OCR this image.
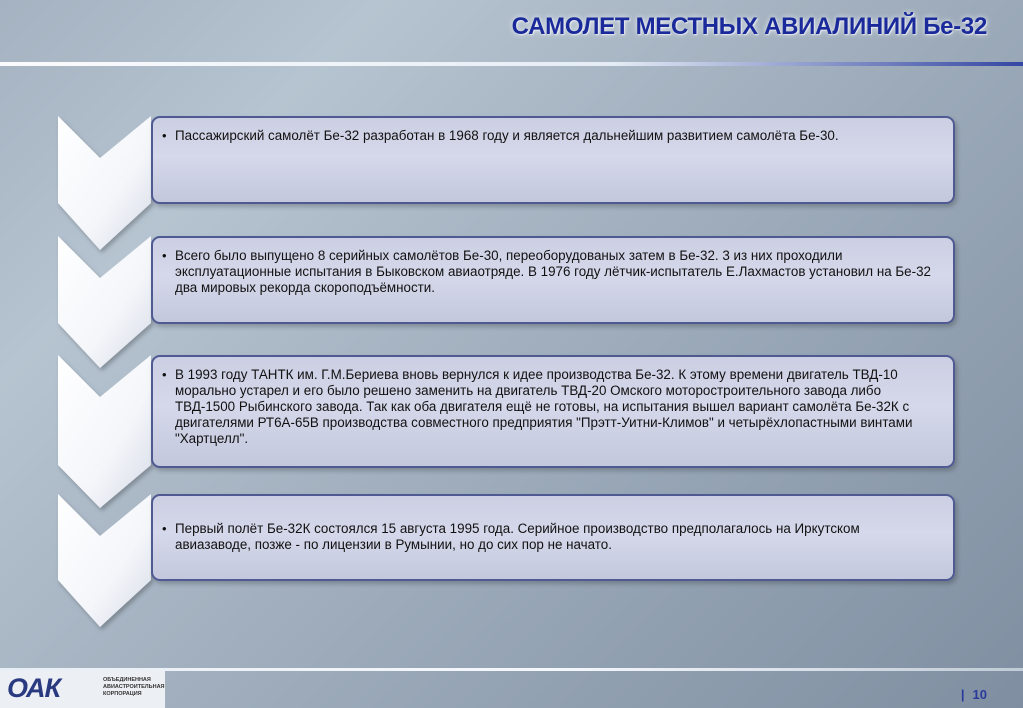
САМОЛЕТ МЕСТНЫХ АВИАЛИНИЙ Бе-32
• Пассажирский самолёт Бе-32 разработан в 1968 году и является дальнейшим развитием самолёта Бе-30.
• Всего было выпущено 8 серийных самолётов Бе-30, переоборудованых затем в Бе-32. 3 из них проходили эксплуатационные испытания в Быковском авиаотряде. В 1976 году лётчик-испытатель Е.Лахмастов установил на Бе-32 два мировых рекорда скороподъёмности.
• В 1993 году ТАНТК им. Г.М.Бериева вновь вернулся к идее производства Бе-32. К этому времени двигатель ТВД-10 морально устарел и его было решено заменить на двигатель ТВД-20 Омского моторостроительного завода либо ТВД-1500 Рыбинского завода. Так как оба двигателя ещё не готовы, на испытания вышел вариант самолёта Бе-32К с двигателями РТ6А-65В производства совместного предприятия "Прэтт-Уитни-Климов" и четырёхлопастными винтами "Хартцелл".
• Первый полёт Бе-32К состоялся 15 августа 1995 года. Серийное производство предполагалось на Иркутском авиазаводе, позже - по лицензии в Румынии, но до сих пор не начато.
ОАК	ОБЪЕДИНЕННАЯ
АВИАСТРОИТЕЛЬНАЯ
КОРПОРАЦИЯ	| 10
